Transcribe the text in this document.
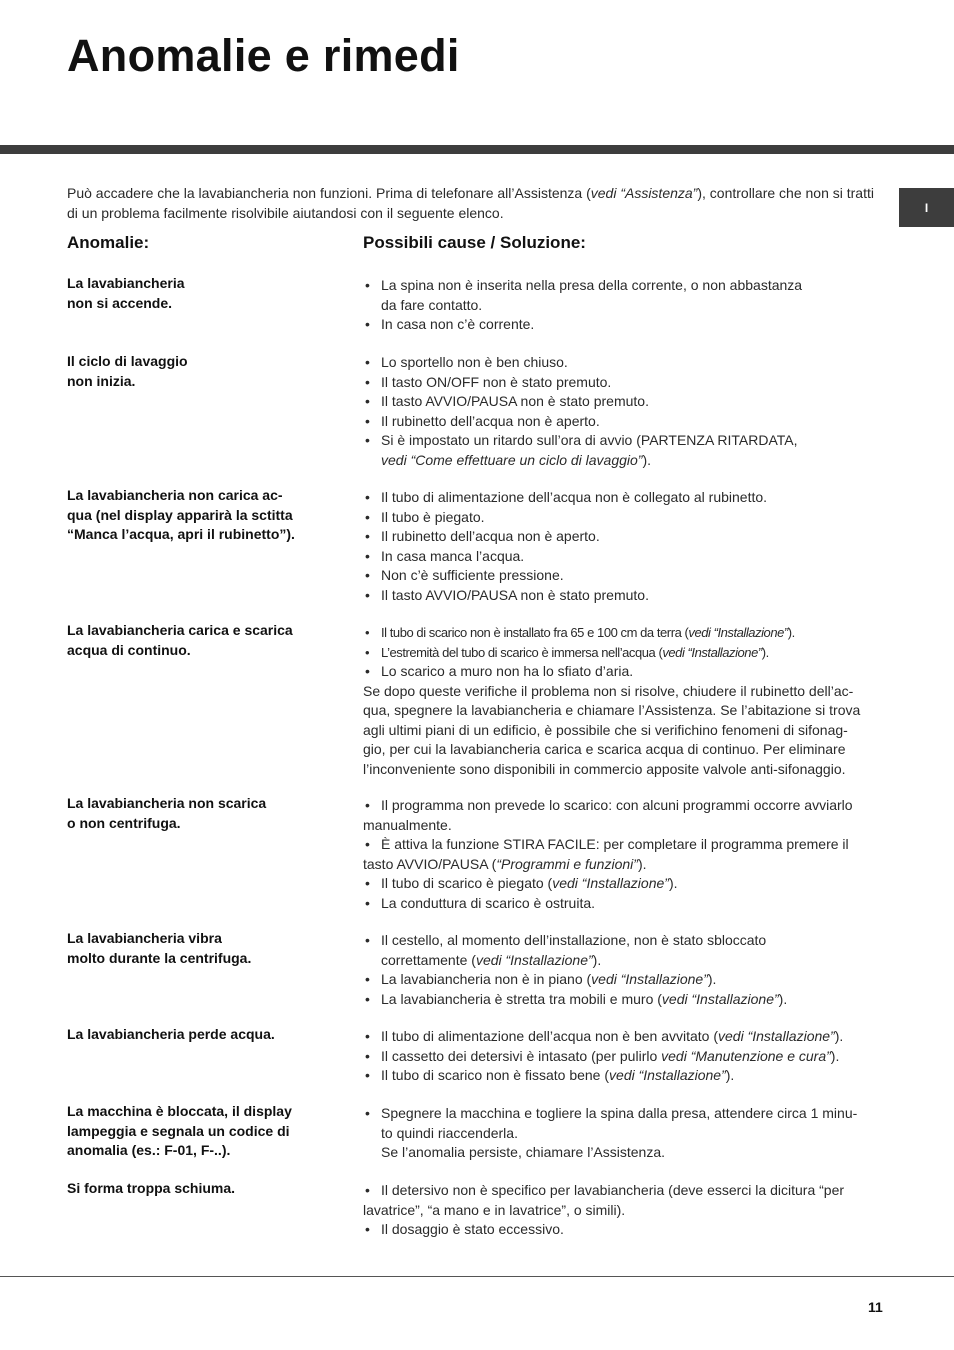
Anomalie e rimedi
I
Può accadere che la lavabiancheria non funzioni. Prima di telefonare all’Assistenza (vedi “Assistenza”), controllare che non si tratti di un problema facilmente risolvibile aiutandosi con il seguente elenco.
Anomalie:	Possibili cause / Soluzione:
La lavabiancheria
non si accende.
• La spina non è inserita nella presa della corrente, o non abbastanza
da fare contatto.
• In casa non c’è corrente.
Il ciclo di lavaggio
non inizia.
• Lo sportello non è ben chiuso.
• Il tasto ON/OFF non è stato premuto.
• Il tasto AVVIO/PAUSA non è stato premuto.
• Il rubinetto dell’acqua non è aperto.
• Si è impostato un ritardo sull’ora di avvio (PARTENZA RITARDATA,
vedi “Come effettuare un ciclo di lavaggio”).
La lavabiancheria non carica ac-
qua (nel display apparirà la sctitta
“Manca l’acqua, apri il rubinetto”).
• Il tubo di alimentazione dell’acqua non è collegato al rubinetto.
• Il tubo è piegato.
• Il rubinetto dell’acqua non è aperto.
• In casa manca l’acqua.
• Non c’è sufficiente pressione.
• Il tasto AVVIO/PAUSA non è stato premuto.
La lavabiancheria carica e scarica
acqua di continuo.
• Il tubo di scarico non è installato fra 65 e 100 cm da terra (vedi “Installazione”).
• L’estremità del tubo di scarico è immersa nell’acqua (vedi “Installazione”).
• Lo scarico a muro non ha lo sfiato d’aria.
Se dopo queste verifiche il problema non si risolve, chiudere il rubinetto dell’ac-
qua, spegnere la lavabiancheria e chiamare l’Assistenza. Se l’abitazione si trova
agli ultimi piani di un edificio, è possibile che si verifichino fenomeni di sifonag-
gio, per cui la lavabiancheria carica e scarica acqua di continuo. Per eliminare
l’inconveniente sono disponibili in commercio apposite valvole anti-sifonaggio.
La lavabiancheria non scarica
o non centrifuga.
• Il programma non prevede lo scarico: con alcuni programmi occorre avviarlo
manualmente.
• È attiva la funzione STIRA FACILE: per completare il programma premere il
tasto AVVIO/PAUSA (“Programmi e funzioni”).
• Il tubo di scarico è piegato (vedi “Installazione”).
• La conduttura di scarico è ostruita.
La lavabiancheria vibra
molto durante la centrifuga.
• Il cestello, al momento dell’installazione, non è stato sbloccato
correttamente (vedi “Installazione”).
• La lavabiancheria non è in piano (vedi “Installazione”).
• La lavabiancheria è stretta tra mobili e muro (vedi “Installazione”).
La lavabiancheria perde acqua.
•	Il tubo di alimentazione dell’acqua non è ben avvitato (vedi “Installazione”).
• Il cassetto dei detersivi è intasato (per pulirlo vedi “Manutenzione e cura”).
• Il tubo di scarico non è fissato bene (vedi “Installazione”).
La macchina è bloccata, il display
lampeggia e segnala un codice di
anomalia (es.: F-01, F-..).
• Spegnere la macchina e togliere la spina dalla presa, attendere circa 1 minu-
to quindi riaccenderla.
Se l’anomalia persiste, chiamare l’Assistenza.
Si forma troppa schiuma.	• Il detersivo non è specifico per lavabiancheria (deve esserci la dicitura “per
lavatrice”, “a mano e in lavatrice”, o simili).
• Il dosaggio è stato eccessivo.
11
